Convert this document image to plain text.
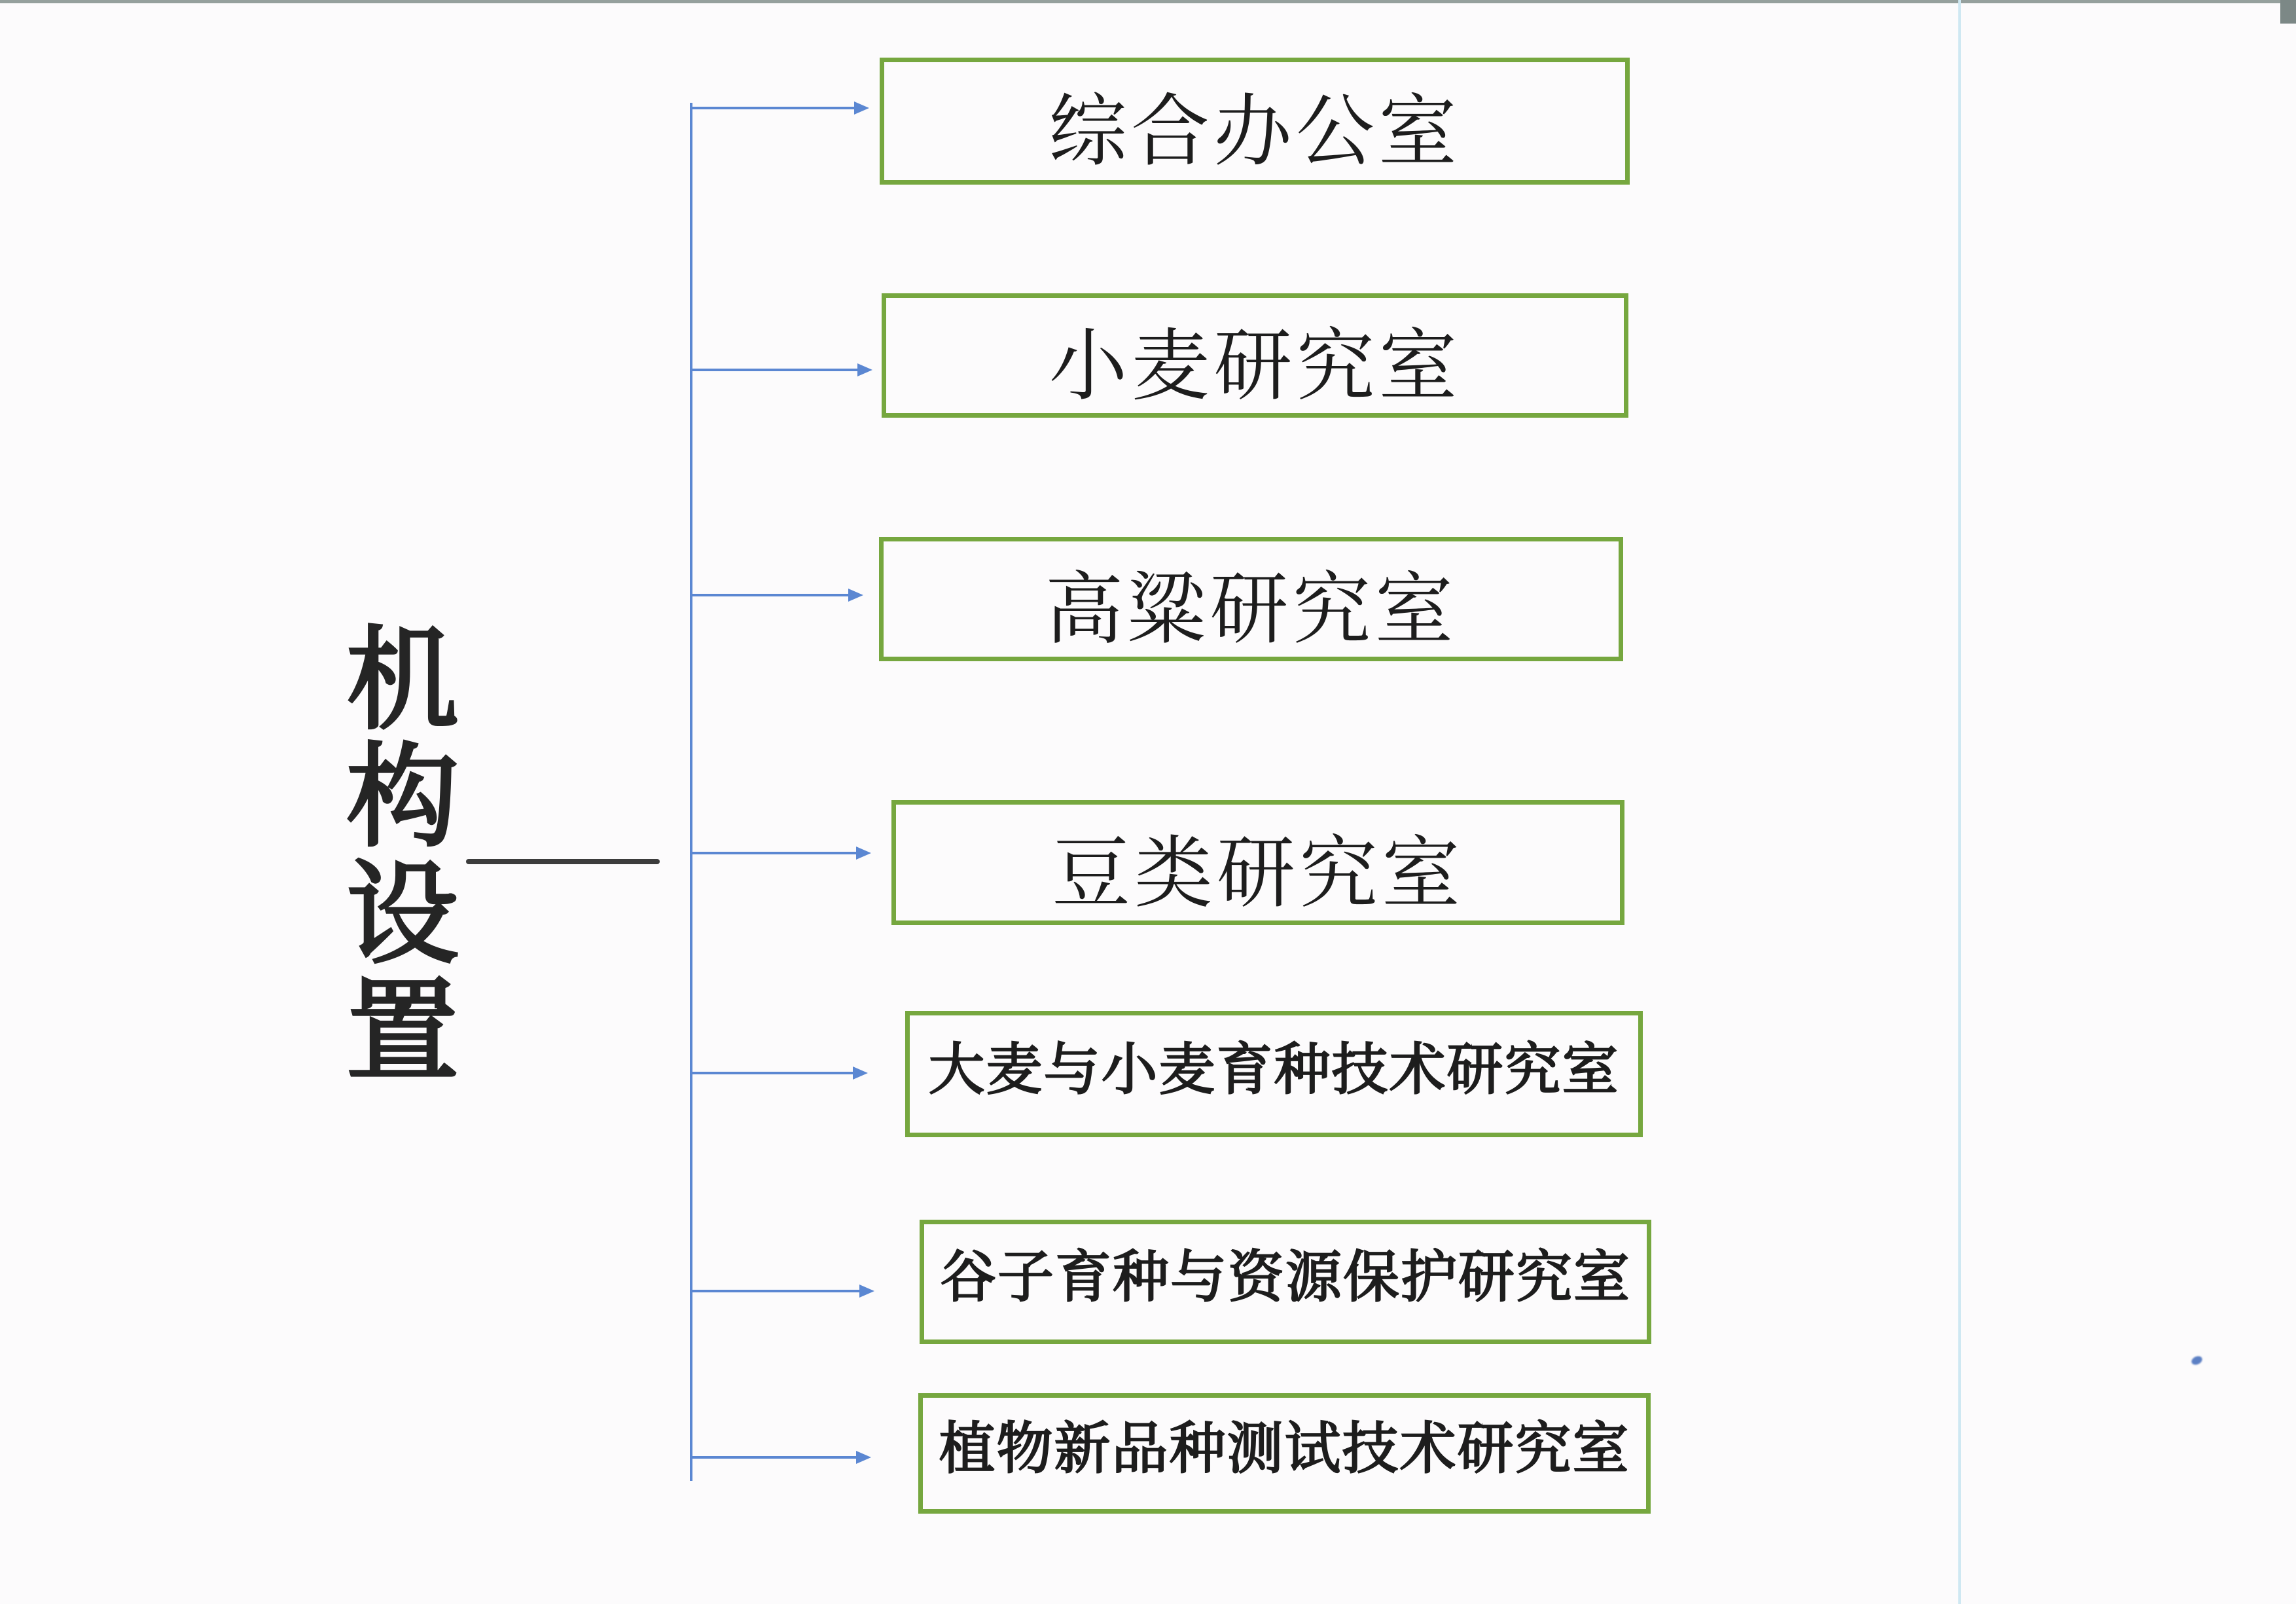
机构设置
综合办公室
小麦研究室
高粱研究室
豆类研究室
大麦与小麦育种技术研究室
谷子育种与资源保护研究室
植物新品种测试技术研究室
